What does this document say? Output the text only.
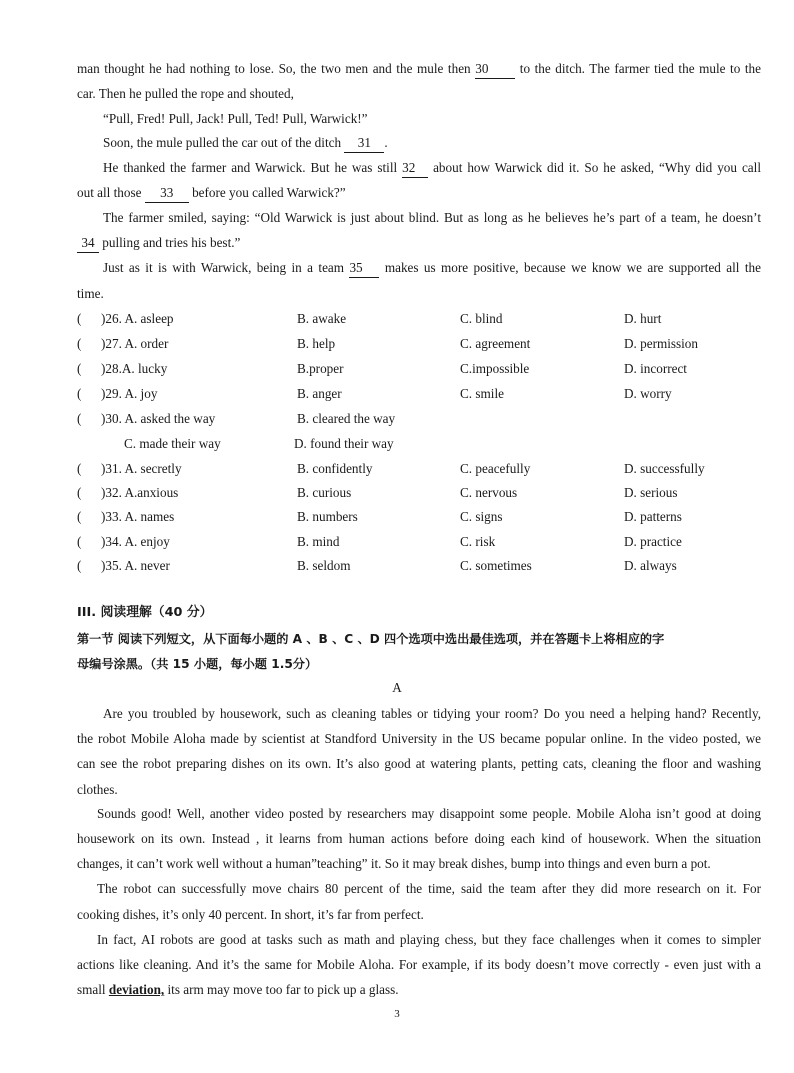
man thought he had nothing to lose. So, the two men and the mule then 30 to the ditch. The farmer tied the mule to the
car. Then he pulled the rope and shouted,
“Pull, Fred! Pull, Jack! Pull, Ted! Pull, Warwick!”
Soon, the mule pulled the car out of the ditch 31 .
He thanked the farmer and Warwick. But he was still 32 about how Warwick did it. So he asked, “Why did you call
out all those 33 before you called Warwick?”
The farmer smiled, saying: “Old Warwick is just about blind. But as long as he believes he’s part of a team, he doesn’t
34 pulling and tries his best.”
Just as it is with Warwick, being in a team 35 makes us more positive, because we know we are supported all the
time.
( )26. A. asleep	B. awake	C. blind	D. hurt
( )27. A. order	B. help	C. agreement	D. permission
( )28.A. lucky	B.proper	C.impossible	D. incorrect
( )29. A. joy	B. anger	C. smile	D. worry
( )30. A. asked the way	B. cleared the way
C. made their way	D. found their way
( )31. A. secretly	B. confidently	C. peacefully	D. successfully
( )32. A.anxious	B. curious	C. nervous	D. serious
( )33. A. names	B. numbers	C. signs	D. patterns
( )34. A. enjoy	B. mind	C. risk	D. practice
( )35. A. never	B. seldom	C. sometimes	D. always
III. 阅读理解（40 分）
第一节 阅读下列短文，从下面每小题的 A 、B 、C 、D 四个选项中选出最佳选项，并在答题卡上将相应的字
母编号涂黑。（共 15 小题，每小题 1.5分）
A
Are you troubled by housework, such as cleaning tables or tidying your room? Do you need a helping hand? Recently,
the robot Mobile Aloha made by scientist at Standford University in the US became popular online. In the video posted, we
can see the robot preparing dishes on its own. It’s also good at watering plants, petting cats, cleaning the floor and washing
clothes.
Sounds good! Well, another video posted by researchers may disappoint some people. Mobile Aloha isn’t good at doing
housework on its own. Instead , it learns from human actions before doing each kind of housework. When the situation
changes, it can’t work well without a human”teaching” it. So it may break dishes, bump into things and even burn a pot.
The robot can successfully move chairs 80 percent of the time, said the team after they did more research on it. For
cooking dishes, it’s only 40 percent. In short, it’s far from perfect.
In fact, AI robots are good at tasks such as math and playing chess, but they face challenges when it comes to simpler
actions like cleaning. And it’s the same for Mobile Aloha. For example, if its body doesn’t move correctly - even just with a
small deviation, its arm may move too far to pick up a glass.
3
